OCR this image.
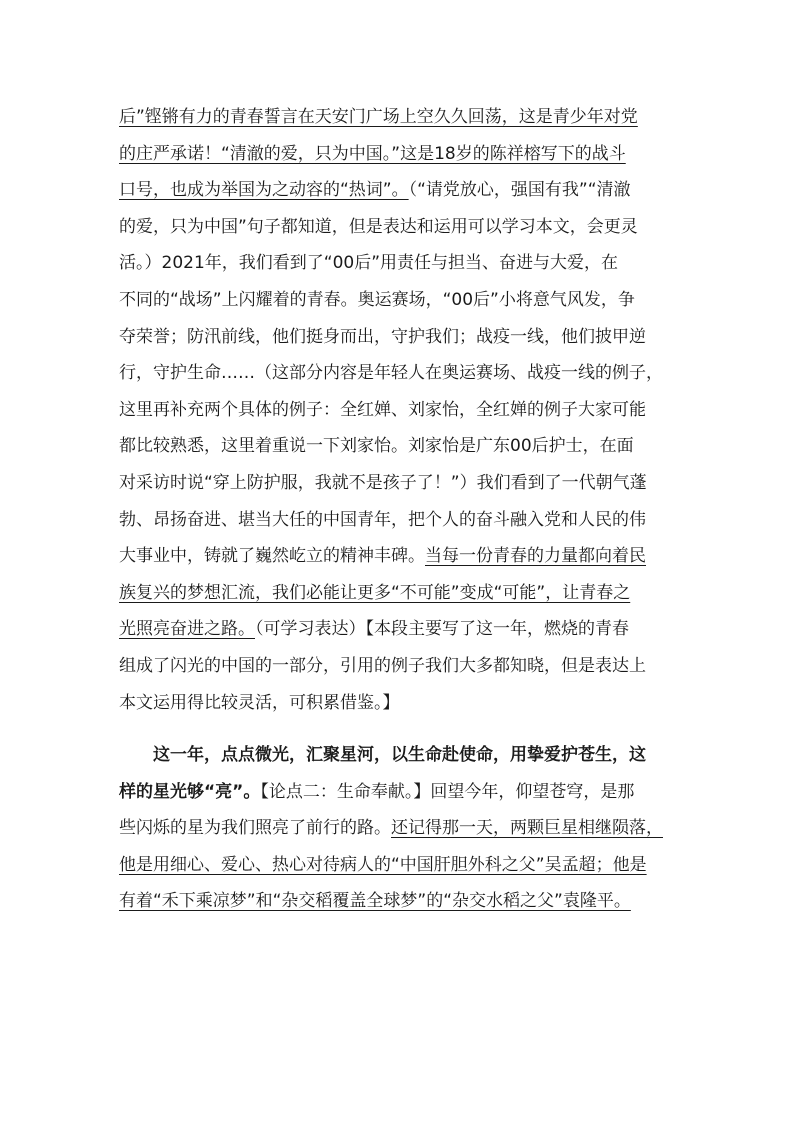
后”铿锵有力的青春誓言在天安门广场上空久久回荡，这是青少年对党
的庄严承诺！“清澈的爱，只为中国。”这是18岁的陈祥榕写下的战斗
口号，也成为举国为之动容的“热词”。（“请党放心，强国有我”“清澈
的爱，只为中国”句子都知道，但是表达和运用可以学习本文，会更灵
活。）2021年，我们看到了“00后”用责任与担当、奋进与大爱，在
不同的“战场”上闪耀着的青春。奥运赛场，“00后”小将意气风发，争
夺荣誉；防汛前线，他们挺身而出，守护我们；战疫一线，他们披甲逆
行，守护生命……（这部分内容是年轻人在奥运赛场、战疫一线的例子，
这里再补充两个具体的例子：全红婵、刘家怡，全红婵的例子大家可能
都比较熟悉，这里着重说一下刘家怡。刘家怡是广东00后护士，在面
对采访时说“穿上防护服，我就不是孩子了！”）我们看到了一代朝气蓬
勃、昂扬奋进、堪当大任的中国青年，把个人的奋斗融入党和人民的伟
大事业中，铸就了巍然屹立的精神丰碑。当每一份青春的力量都向着民
族复兴的梦想汇流，我们必能让更多“不可能”变成“可能”，让青春之
光照亮奋进之路。（可学习表达）【本段主要写了这一年，燃烧的青春
组成了闪光的中国的一部分，引用的例子我们大多都知晓，但是表达上
本文运用得比较灵活，可积累借鉴。】
这一年，点点微光，汇聚星河，以生命赴使命，用挚爱护苍生，这
样的星光够“亮”。【论点二：生命奉献。】回望今年，仰望苍穹，是那
些闪烁的星为我们照亮了前行的路。还记得那一天，两颗巨星相继陨落，
他是用细心、爱心、热心对待病人的“中国肝胆外科之父”吴孟超；他是
有着“禾下乘凉梦”和“杂交稻覆盖全球梦”的“杂交水稻之父”袁隆平。
